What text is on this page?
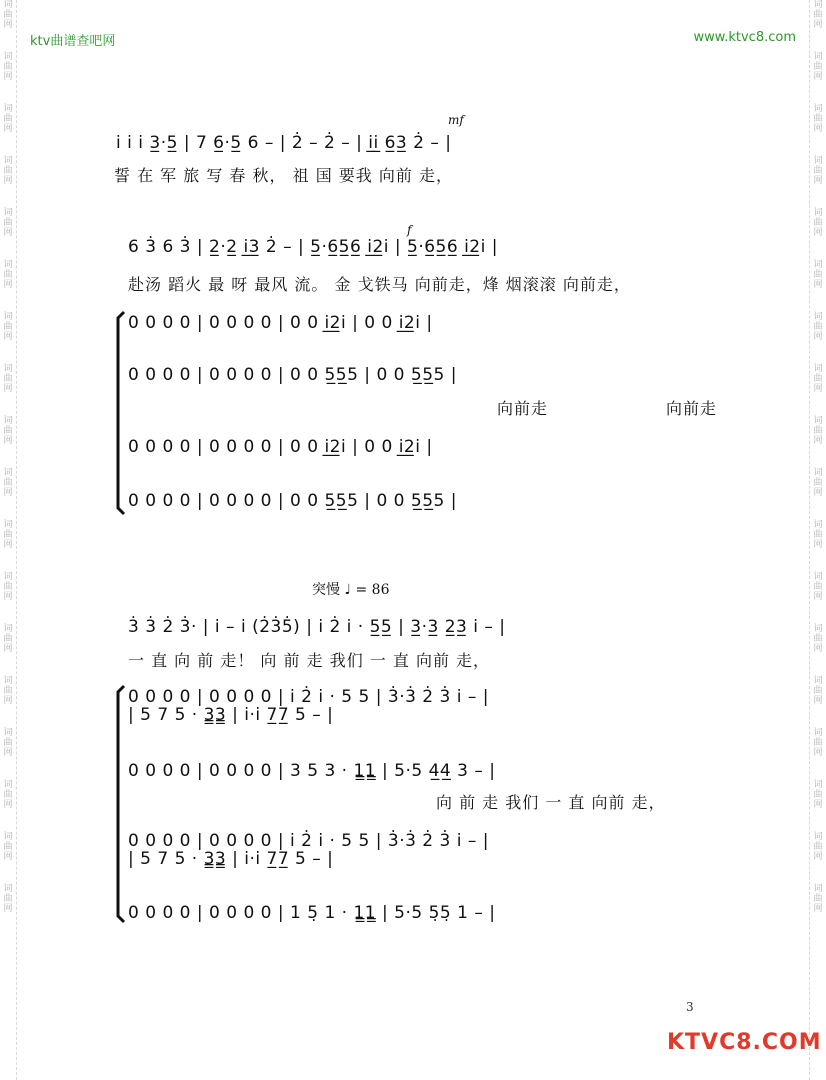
词曲网
词曲网
词曲网
词曲网
词曲网
词曲网
词曲网
词曲网
词曲网
词曲网
词曲网
词曲网
词曲网
词曲网
词曲网
词曲网
词曲网
词曲网
词曲网
词曲网
词曲网
词曲网
词曲网
词曲网
词曲网
词曲网
词曲网
词曲网
词曲网
词曲网
词曲网
词曲网
词曲网
词曲网
词曲网
词曲网
ktv曲谱查吧网	www.ktvc8.com
mf
i i i 3̲·5̲ | 7 6̲·5̲ 6 – | 2̇ – 2̇ – | i̲i̲ 6̲3̲ 2̇ – |
誓 在 军 旅 写 春 秋， 祖 国 要我 向前 走，
f
6 3̇ 6 3̇ | 2̲·2̲ i̲3̲ 2̇ – | 5̲·6̲5̲6̲ i̲2̲i | 5̲·6̲5̲6̲ i̲2̲i |
赴汤 蹈火 最 呀 最风 流。 金 戈铁马 向前走，烽 烟滚滚 向前走，
0 0 0 0 | 0 0 0 0 | 0 0 i̲2̲i | 0 0 i̲2̲i |
0 0 0 0 | 0 0 0 0 | 0 0 5̲5̲5 | 0 0 5̲5̲5 |
向前走	向前走
0 0 0 0 | 0 0 0 0 | 0 0 i̲2̲i | 0 0 i̲2̲i |
0 0 0 0 | 0 0 0 0 | 0 0 5̲5̲5 | 0 0 5̲5̲5 |
突慢 ♩ = 86
3̇ 3̇ 2̇ 3̇· | i – i (2̇3̇5̇) | i 2̇ i · 5̲5̲ | 3̲·3̲ 2̲3̲ i – |
一 直 向 前 走！ 向 前 走 我们 一 直 向前 走，
0 0 0 0 | 0 0 0 0 | i 2̇ i · 5 5 | 3̇·3̇ 2̇ 3̇ i – |
| 5 7 5 · 3̳3̳ | i·i 7̲7̲ 5 – |
0 0 0 0 | 0 0 0 0 | 3 5 3 · 1̳1̳ | 5·5 4̲4̲ 3 – |
向 前 走 我们 一 直 向前 走，
0 0 0 0 | 0 0 0 0 | i 2̇ i · 5 5 | 3̇·3̇ 2̇ 3̇ i – |
| 5 7 5 · 3̳3̳ | i·i 7̲7̲ 5 – |
0 0 0 0 | 0 0 0 0 | 1 5̣ 1 · 1̳1̳ | 5·5 5̣5̣ 1 – |
3
KTVC8.COM
